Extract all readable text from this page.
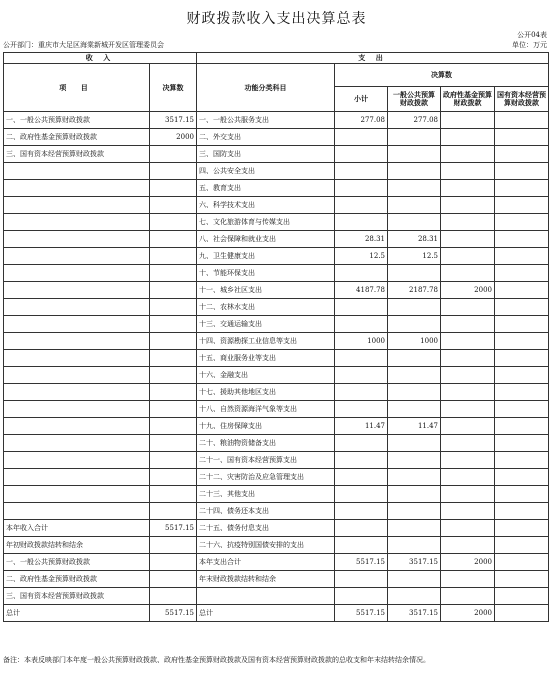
财政拨款收入支出决算总表
公开04表
公开部门：重庆市大足区海棠新城开发区管理委员会	单位：万元
收 入		支 出				
项 目	决算数	功能分类科目	决算数			
			小计	一般公共预算财政拨款	政府性基金预算财政拨款	国有资本经营预算财政拨款
一、一般公共预算财政拨款	3517.15	一、一般公共服务支出	277.08	277.08		
二、政府性基金预算财政拨款	2000	二、外交支出				
三、国有资本经营预算财政拨款		三、国防支出				
		四、公共安全支出				
		五、教育支出				
		六、科学技术支出				
		七、文化旅游体育与传媒支出				
		八、社会保障和就业支出	28.31	28.31		
		九、卫生健康支出	12.5	12.5		
		十、节能环保支出				
		十一、城乡社区支出	4187.78	2187.78	2000	
		十二、农林水支出				
		十三、交通运输支出				
		十四、资源勘探工业信息等支出	1000	1000		
		十五、商业服务业等支出				
		十六、金融支出				
		十七、援助其他地区支出				
		十八、自然资源海洋气象等支出				
		十九、住房保障支出	11.47	11.47		
		二十、粮油物资储备支出				
		二十一、国有资本经营预算支出				
		二十二、灾害防治及应急管理支出				
		二十三、其他支出				
		二十四、债务还本支出				
本年收入合计	5517.15	二十五、债务付息支出				
年初财政拨款结转和结余		二十六、抗疫特别国债安排的支出				
一、一般公共预算财政拨款		本年支出合计	5517.15	3517.15	2000	
二、政府性基金预算财政拨款		年末财政拨款结转和结余				
三、国有资本经营预算财政拨款						
总计	5517.15	总计	5517.15	3517.15	2000	
备注：本表反映部门本年度一般公共预算财政拨款、政府性基金预算财政拨款及国有资本经营预算财政拨款的总收支和年末结转结余情况。
